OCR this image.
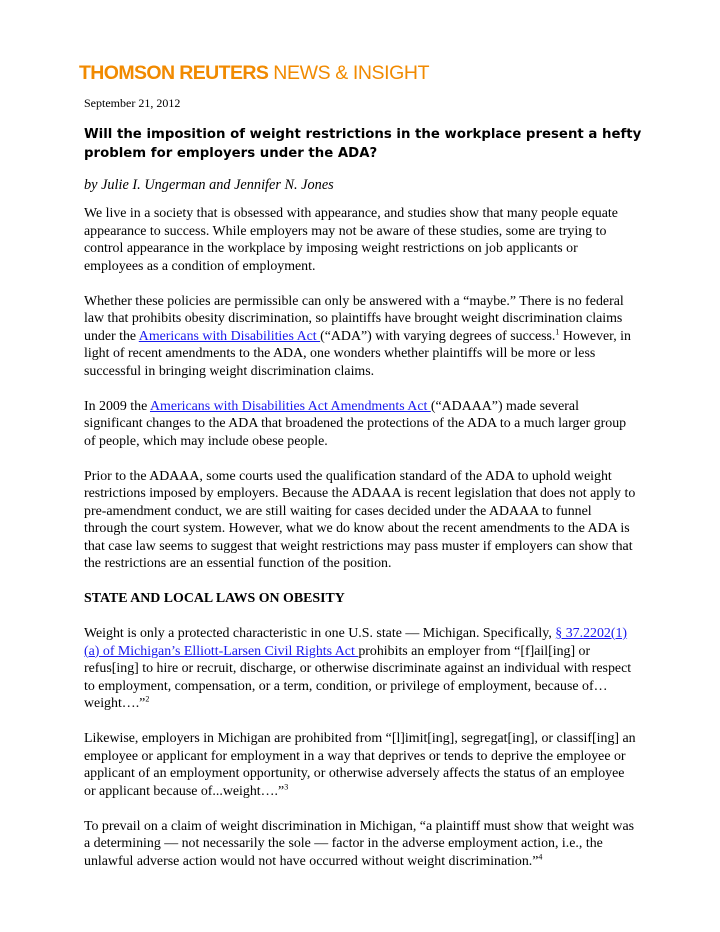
THOMSON REUTERS NEWS & INSIGHT
September 21, 2012
Will the imposition of weight restrictions in the workplace present a hefty problem for employers under the ADA?
by Julie I. Ungerman and Jennifer N. Jones

We live in a society that is obsessed with appearance, and studies show that many people equate appearance to success. While employers may not be aware of these studies, some are trying to control appearance in the workplace by imposing weight restrictions on job applicants or employees as a condition of employment.

Whether these policies are permissible can only be answered with a “maybe.” There is no federal law that prohibits obesity discrimination, so plaintiffs have brought weight discrimination claims under the Americans with Disabilities Act (“ADA”) with varying degrees of success.$^1$ However, in light of recent amendments to the ADA, one wonders whether plaintiffs will be more or less successful in bringing weight discrimination claims.

In 2009 the Americans with Disabilities Act Amendments Act (“ADAAA”) made several significant changes to the ADA that broadened the protections of the ADA to a much larger group of people, which may include obese people.

Prior to the ADAAA, some courts used the qualification standard of the ADA to uphold weight restrictions imposed by employers. Because the ADAAA is recent legislation that does not apply to pre-amendment conduct, we are still waiting for cases decided under the ADAAA to funnel through the court system. However, what we do know about the recent amendments to the ADA is that case law seems to suggest that weight restrictions may pass muster if employers can show that the restrictions are an essential function of the position.

STATE AND LOCAL LAWS ON OBESITY

Weight is only a protected characteristic in one U.S. state — Michigan. Specifically, § 37.2202(1)(a) of Michigan’s Elliott-Larsen Civil Rights Act prohibits an employer from “[f]ail[ing] or refus[ing] to hire or recruit, discharge, or otherwise discriminate against an individual with respect to employment, compensation, or a term, condition, or privilege of employment, because of…weight….”$^2$

Likewise, employers in Michigan are prohibited from “[l]imit[ing], segregat[ing], or classif[ing] an employee or applicant for employment in a way that deprives or tends to deprive the employee or applicant of an employment opportunity, or otherwise adversely affects the status of an employee or applicant because of...weight….”$^3$

To prevail on a claim of weight discrimination in Michigan, “a plaintiff must show that weight was a determining — not necessarily the sole — factor in the adverse employment action, i.e., the unlawful adverse action would not have occurred without weight discrimination.”$^4$
